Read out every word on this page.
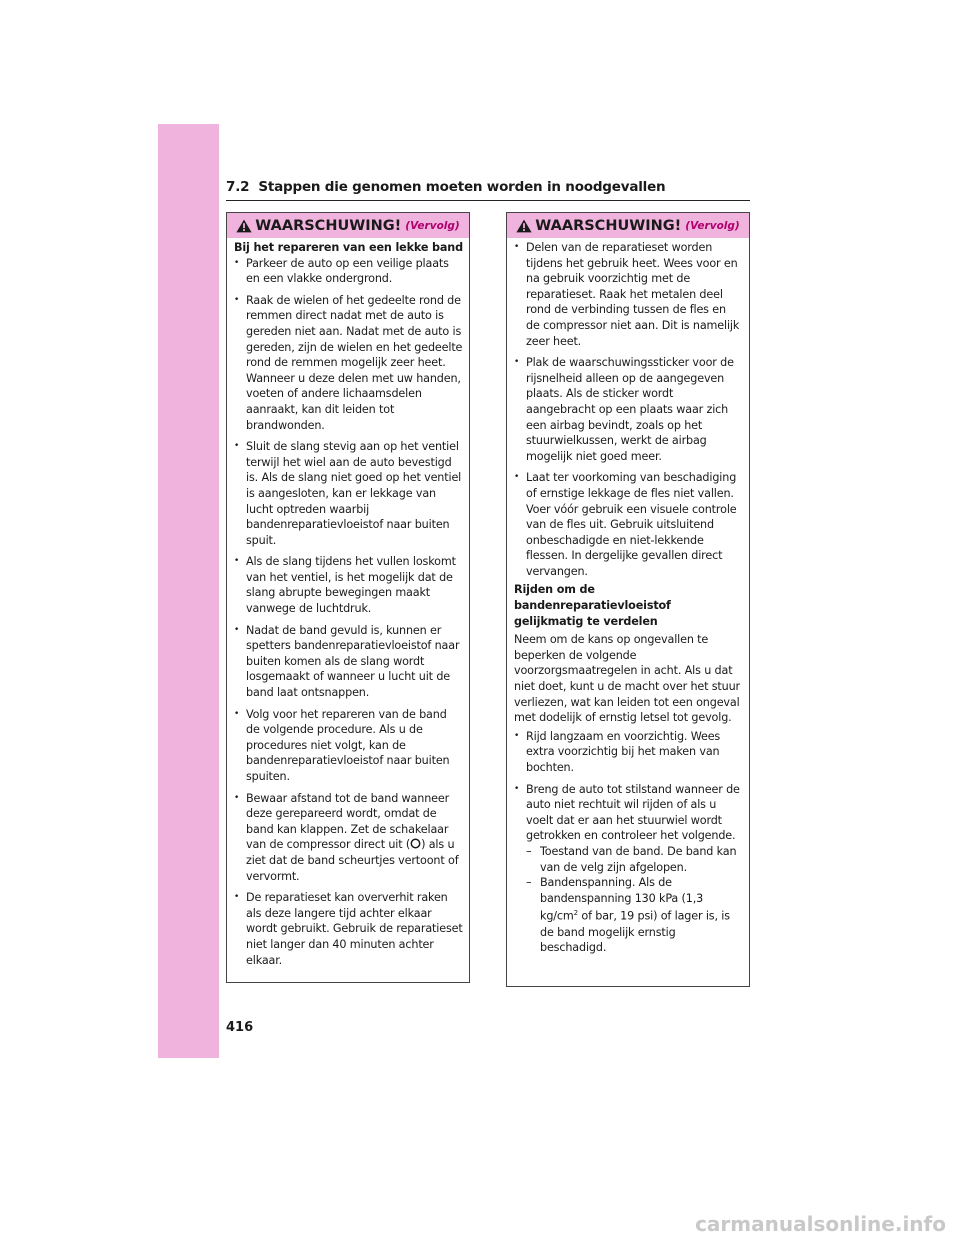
7.2 Stappen die genomen moeten worden in noodgevallen
WAARSCHUWING! (Vervolg)
Bij het repareren van een lekke band
• Parkeer de auto op een veilige plaats en een vlakke ondergrond.
• Raak de wielen of het gedeelte rond de remmen direct nadat met de auto is gereden niet aan. Nadat met de auto is gereden, zijn de wielen en het gedeelte rond de remmen mogelijk zeer heet. Wanneer u deze delen met uw handen, voeten of andere lichaamsdelen aanraakt, kan dit leiden tot brandwonden.
• Sluit de slang stevig aan op het ventiel terwijl het wiel aan de auto bevestigd is. Als de slang niet goed op het ventiel is aangesloten, kan er lekkage van lucht optreden waarbij bandenreparatievloeistof naar buiten spuit.
• Als de slang tijdens het vullen loskomt van het ventiel, is het mogelijk dat de slang abrupte bewegingen maakt vanwege de luchtdruk.
• Nadat de band gevuld is, kunnen er spetters bandenreparatievloeistof naar buiten komen als de slang wordt losgemaakt of wanneer u lucht uit de band laat ontsnappen.
• Volg voor het repareren van de band de volgende procedure. Als u de procedures niet volgt, kan de bandenreparatievloeistof naar buiten spuiten.
• Bewaar afstand tot de band wanneer deze gerepareerd wordt, omdat de band kan klappen. Zet de schakelaar van de compressor direct uit ( ) als u ziet dat de band scheurtjes vertoont of vervormt.
• De reparatieset kan oververhit raken als deze langere tijd achter elkaar wordt gebruikt. Gebruik de reparatieset niet langer dan 40 minuten achter elkaar.
WAARSCHUWING! (Vervolg)
• Delen van de reparatieset worden tijdens het gebruik heet. Wees voor en na gebruik voorzichtig met de reparatieset. Raak het metalen deel rond de verbinding tussen de fles en de compressor niet aan. Dit is namelijk zeer heet.
• Plak de waarschuwingssticker voor de rijsnelheid alleen op de aangegeven plaats. Als de sticker wordt aangebracht op een plaats waar zich een airbag bevindt, zoals op het stuurwielkussen, werkt de airbag mogelijk niet goed meer.
• Laat ter voorkoming van beschadiging of ernstige lekkage de fles niet vallen. Voer vóór gebruik een visuele controle van de fles uit. Gebruik uitsluitend onbeschadigde en niet-lekkende flessen. In dergelijke gevallen direct vervangen.
Rijden om de bandenreparatievloeistof gelijkmatig te verdelen
Neem om de kans op ongevallen te beperken de volgende voorzorgsmaatregelen in acht. Als u dat niet doet, kunt u de macht over het stuur verliezen, wat kan leiden tot een ongeval met dodelijk of ernstig letsel tot gevolg.
• Rijd langzaam en voorzichtig. Wees extra voorzichtig bij het maken van bochten.
• Breng de auto tot stilstand wanneer de auto niet rechtuit wil rijden of als u voelt dat er aan het stuurwiel wordt getrokken en controleer het volgende.
– Toestand van de band. De band kan van de velg zijn afgelopen.
– Bandenspanning. Als de bandenspanning 130 kPa (1,3 $kg/cm^2$ of bar, 19 psi) of lager is, is de band mogelijk ernstig beschadigd.
416
carmanualsonline.info
